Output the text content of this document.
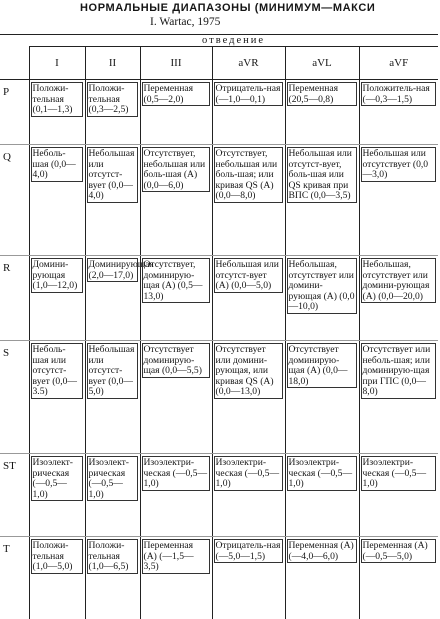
НОРМАЛЬНЫЕ ДИАПАЗОНЫ (МИНИМУМ—МАКСИ
I. Wartac, 1975

	отведение					

	I	II	III	aVR	aVL	aVF
P	Положи-тельная (0,1—1,3)	Положи-тельная (0,3—2,5)	Переменная (0,5—2,0)	Отрицатель-ная (—1,0—0,1)	Переменная (20,5—0,8)	Положитель-ная (—0,3—1,5)
Q	Неболь-шая (0,0—4,0)	Небольшая или отсутст-вует (0,0—4,0)	Отсутствует, небольшая или боль-шая (А) (0,0—6,0)	Отсутствует, небольшая или боль-шая; или кривая QS (A) (0,0—8,0)	Небольшая или отсутст-вует, боль-шая или QS кривая при ВПС (0,0—3,5)	Небольшая или отсутствует (0,0—3,0)
R	Домини-рующая (1,0—12,0)	Доминирующая (2,0—17,0)	Отсутствует, доминирую-щая (А) (0,5—13,0)	Небольшая или отсутст-вует (А) (0,0—5,0)	Небольшая, отсутствует или домини-рующая (А) (0,0—10,0)	Небольшая, отсутствует или домини-рующая (А) (0,0—20,0)
S	Неболь-шая или отсутст-вует (0,0—3.5)	Небольшая или отсутст-вует (0,0—5,0)	Отсутствует доминирую-щая (0,0—5,5)	Отсутствует или домини-рующая, или кривая QS (A) (0,0—13,0)	Отсутствует доминирую-щая (А) (0,0—18,0)	Отсутствует или неболь-шая; или доминирую-щая при ГПС (0,0—8,0)
ST	Изоэлект-рическая (—0,5—1,0)	Изоэлект-рическая (—0,5—1,0)	Изоэлектри-ческая (—0,5—1,0)	Изоэлектри-ческая (—0,5—1,0)	Изоэлектри-ческая (—0,5—1,0)	Изоэлектри-ческая (—0,5—1,0)
T	Положи-тельная (1,0—5,0)	Положи-тельная (1,0—6,5)	Переменная (А) (—1,5—3,5)	Отрицатель-ная (—5,0—1,5)	Переменная (А) (—4,0—6,0)	Переменная (А) (—0,5—5,0)
